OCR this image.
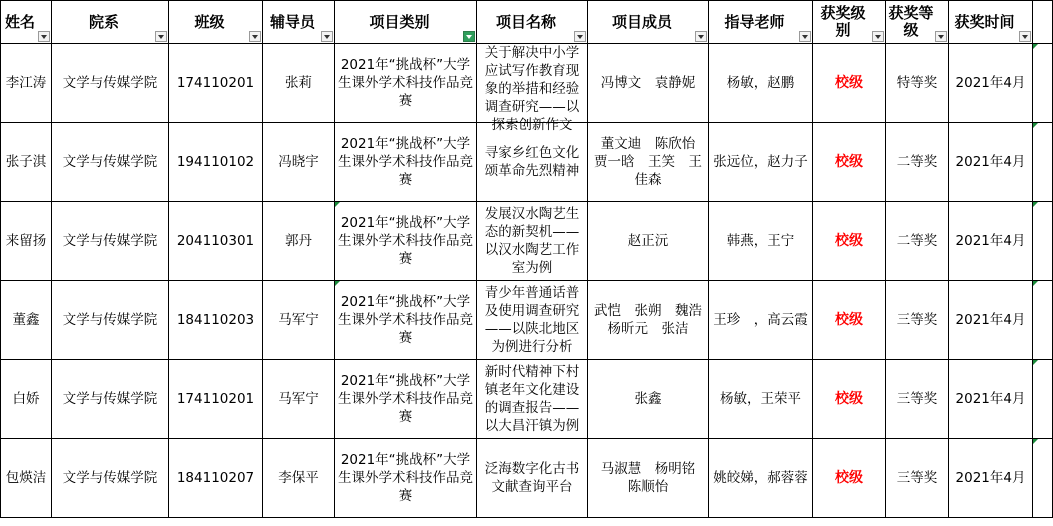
姓名	院系	班级	辅导员	项目类别	项目名称	项目成员	指导老师	获奖级别	获奖等级	获奖时间	

李江涛	文学与传媒学院	174110201	张莉	2021年“挑战杯”大学生课外学术科技作品竞赛	关于解决中小学应试写作教育现象的举措和经验调查研究——以探索创新作文	冯博文　袁静妮	杨敏，赵鹏	校级	特等奖	2021年4月	

张子淇	文学与传媒学院	194110102	冯晓宇	2021年“挑战杯”大学生课外学术科技作品竞赛	寻家乡红色文化颂革命先烈精神	董文迪　陈欣怡　贾一晗　王笑　王佳森	张远位，赵力子	校级	二等奖	2021年4月	

来留扬	文学与传媒学院	204110301	郭丹	2021年“挑战杯”大学生课外学术科技作品竞赛	发展汉水陶艺生态的新契机——以汉水陶艺工作室为例	赵正沅	韩燕，王宁	校级	二等奖	2021年4月	

董鑫	文学与传媒学院	184110203	马军宁	2021年“挑战杯”大学生课外学术科技作品竞赛	青少年普通话普及使用调查研究——以陕北地区为例进行分析	武恺　张朔　魏浩　杨昕元　张洁	王珍　，高云霞	校级	三等奖	2021年4月	

白娇	文学与传媒学院	174110201	马军宁	2021年“挑战杯”大学生课外学术科技作品竞赛	新时代精神下村镇老年文化建设的调查报告——以大昌汗镇为例	张鑫	杨敏，王荣平	校级	三等奖	2021年4月	

包煐洁	文学与传媒学院	184110207	李保平	2021年“挑战杯”大学生课外学术科技作品竞赛	泛海数字化古书文献查询平台	马淑慧　杨明铭　陈顺怡	姚皎娣，郝蓉蓉	校级	三等奖	2021年4月	
